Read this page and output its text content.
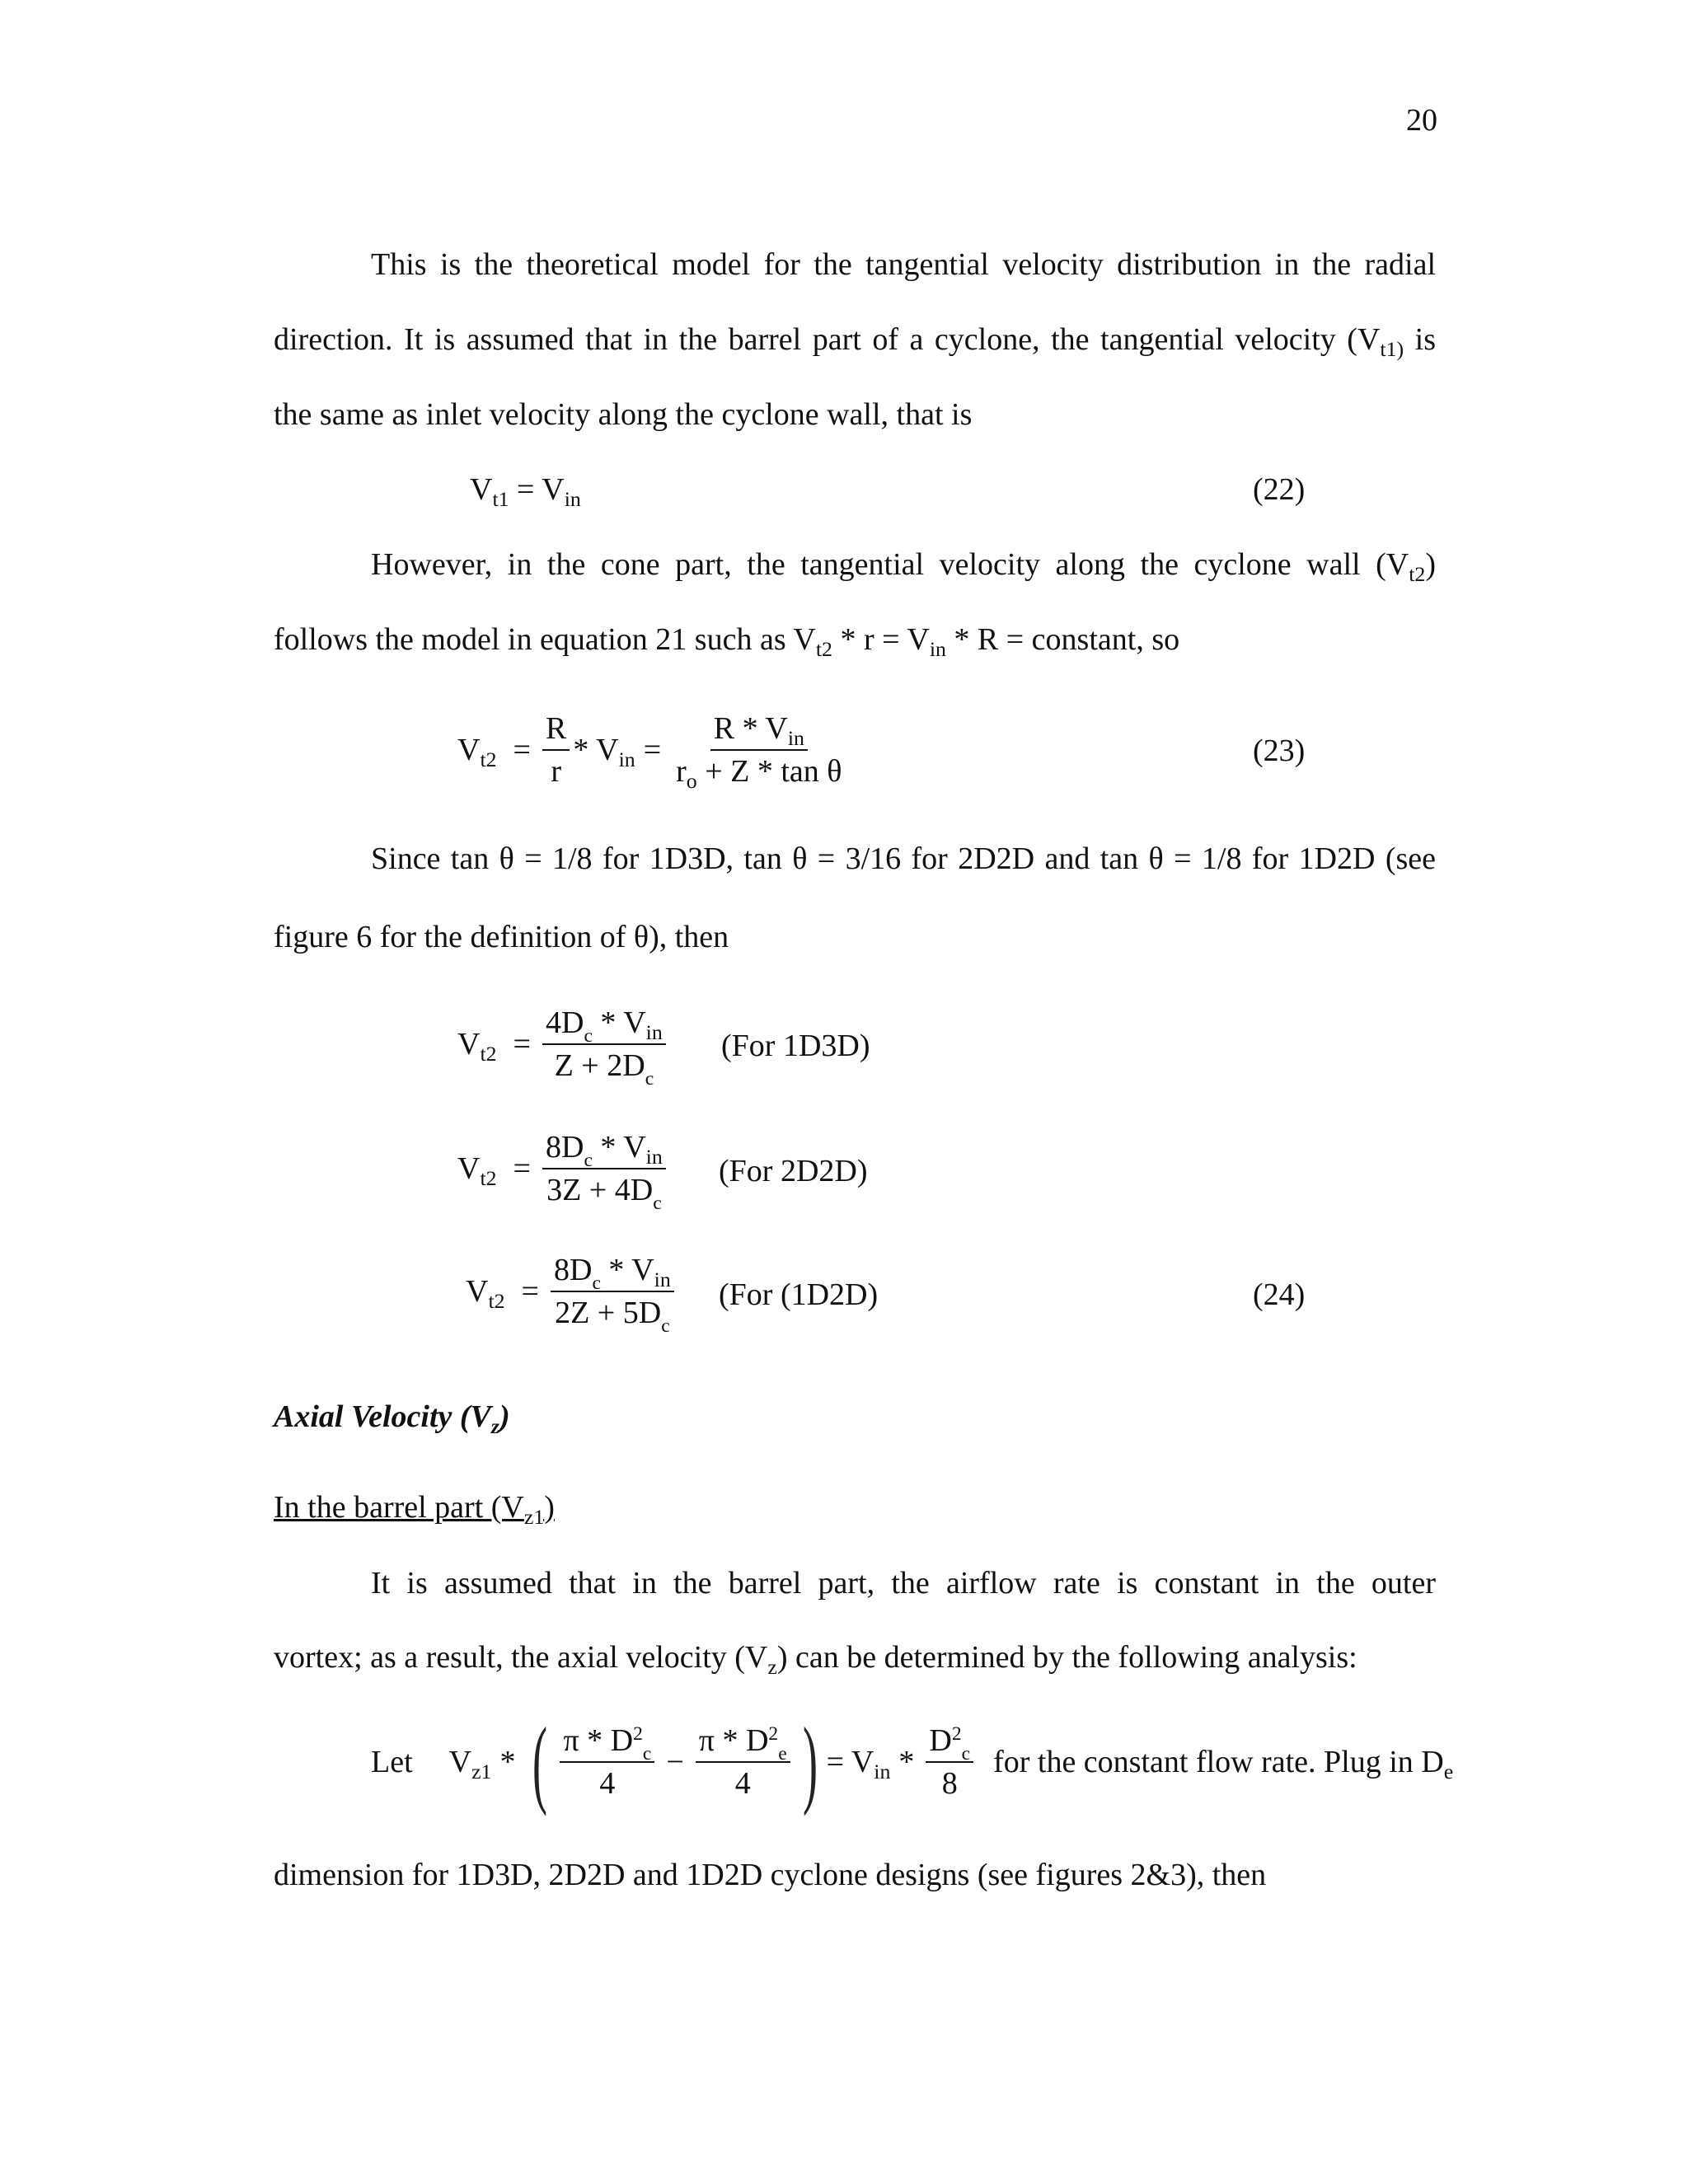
20
This is the theoretical model for the tangential velocity distribution in the radial
direction. It is assumed that in the barrel part of a cyclone, the tangential velocity ($V_{t1)}$ is
the same as inlet velocity along the cyclone wall, that is
$V_{t1} = V_{in}$	(22)
However, in the cone part, the tangential velocity along the cyclone wall $(V_{t2})$
follows the model in equation 21 such as $V_{t2} * r = V_{in} * R$ = constant, so
$V_{t2} = \frac{R}{r} * V_{in} = \frac{R * V_{in}}{r_o + Z * \tan \theta}$	(23)
Since tan θ = 1/8 for 1D3D, tan θ = 3/16 for 2D2D and tan θ = 1/8 for 1D2D (see
figure 6 for the definition of θ), then
$V_{t2} = \frac{4D_c * V_{in}}{Z + 2D_c} (For$ 1D3D)
$V_{t2} = \frac{8D_c * V_{in}}{3Z + 4D_c} (For$ 2D2D)
$V_{t2} = \frac{8D_c * V_{in}}{2Z + 5D_c} (For$ (1D2D)	(24)
Axial Velocity $(V_z)$
In the barrel part $(V_{z1})$
It is assumed that in the barrel part, the airflow rate is constant in the outer
vortex; as a result, the axial velocity $(V_z)$ can be determined by the following analysis:
Let $V_{z1}$ * ( $\frac{\pi * D^2_c}{4} - \frac{\pi * D^2_e}{4}$ ) = $V_{in} * \frac{D^2_c}{8}$ for the constant flow rate. Plug in $D_e$
dimension for 1D3D, 2D2D and 1D2D cyclone designs (see figures 2&3), then
